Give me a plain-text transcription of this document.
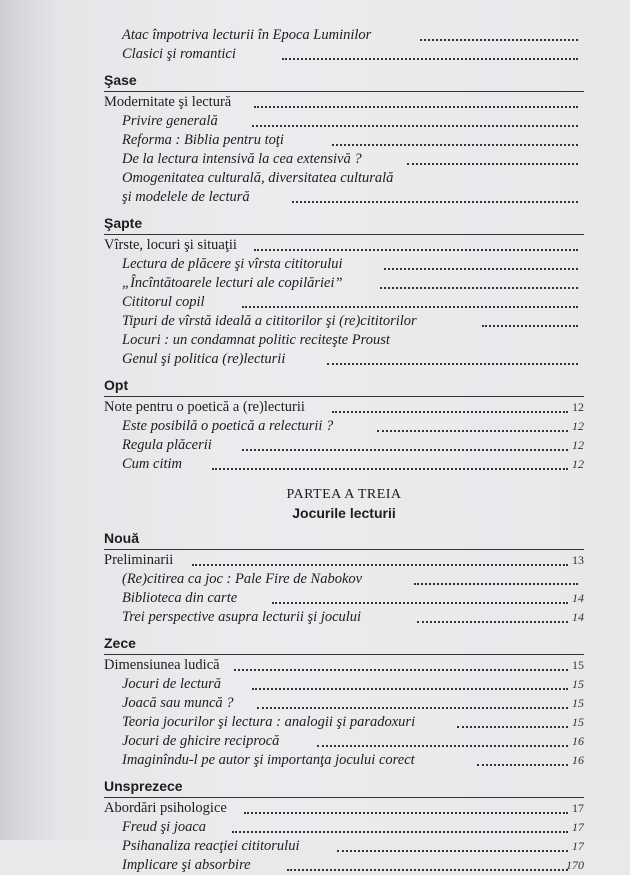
Atac împotriva lecturii în Epoca Luminilor
Clasici şi romantici
Şase
Modernitate şi lectură
Privire generală
Reforma : Biblia pentru toţi
De la lectura intensivă la cea extensivă ?
Omogenitatea culturală, diversitatea culturală
şi modelele de lectură
Şapte
Vîrste, locuri şi situaţii
Lectura de plăcere şi vîrsta cititorului
„Încîntătoarele lecturi ale copilăriei”
Cititorul copil
Tipuri de vîrstă ideală a cititorilor şi (re)cititorilor
Locuri : un condamnat politic reciteşte Proust
Genul şi politica (re)lecturii
Opt
Note pentru o poetică a (re)lecturii	12
Este posibilă o poetică a relecturii ?	12
Regula plăcerii	12
Cum citim	12
PARTEA A TREIA
Jocurile lecturii
Nouă
Preliminarii	13
(Re)citirea ca joc : Pale Fire de Nabokov
Biblioteca din carte	14
Trei perspective asupra lecturii şi jocului	14
Zece
Dimensiunea ludică	15
Jocuri de lectură	15
Joacă sau muncă ?	15
Teoria jocurilor şi lectura : analogii şi paradoxuri	15
Jocuri de ghicire reciprocă	16
Imaginîndu-l pe autor şi importanţa jocului corect	16
Unsprezece
Abordări psihologice	17
Freud şi joaca	17
Psihanaliza reacţiei cititorului	17
Implicare şi absorbire	170
